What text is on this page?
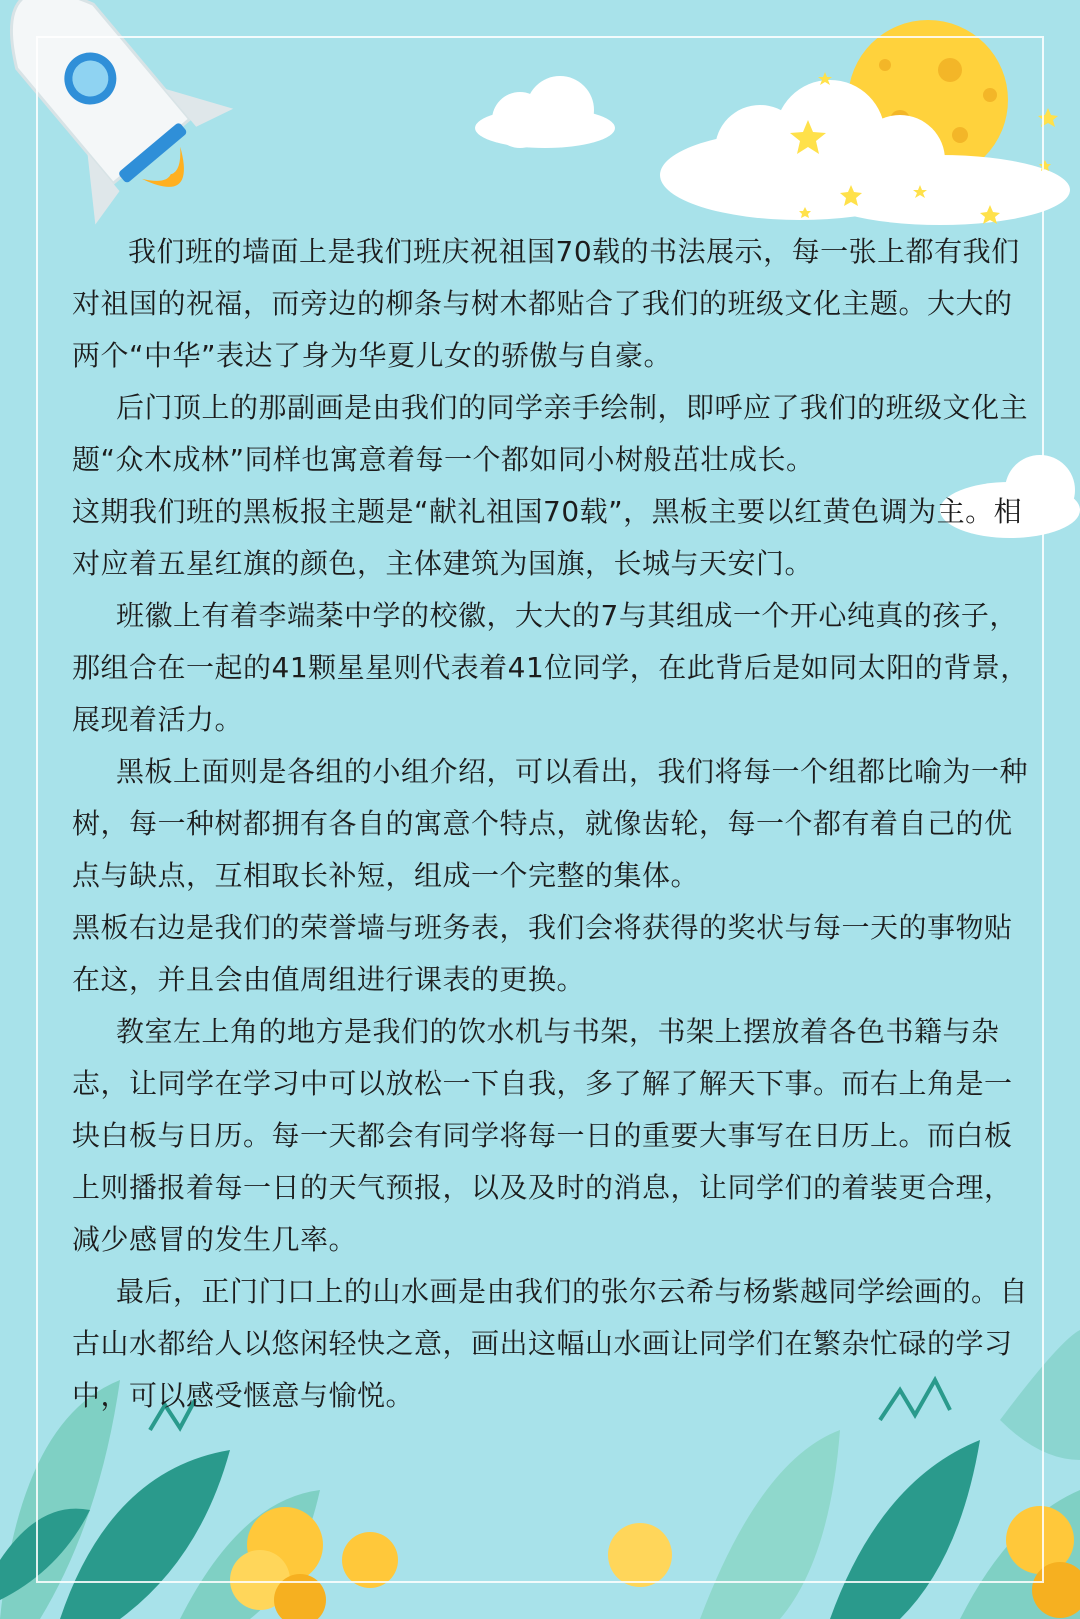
我们班的墙面上是我们班庆祝祖国70载的书法展示，每一张上都有我们对祖国的祝福，而旁边的柳条与树木都贴合了我们的班级文化主题。大大的两个“中华”表达了身为华夏儿女的骄傲与自豪。

后门顶上的那副画是由我们的同学亲手绘制，即呼应了我们的班级文化主题“众木成林”同样也寓意着每一个都如同小树般茁壮成长。

这期我们班的黑板报主题是“献礼祖国70载”，黑板主要以红黄色调为主。相对应着五星红旗的颜色，主体建筑为国旗，长城与天安门。

班徽上有着李端棻中学的校徽，大大的7与其组成一个开心纯真的孩子，那组合在一起的41颗星星则代表着41位同学，在此背后是如同太阳的背景，展现着活力。

黑板上面则是各组的小组介绍，可以看出，我们将每一个组都比喻为一种树，每一种树都拥有各自的寓意个特点，就像齿轮，每一个都有着自己的优点与缺点，互相取长补短，组成一个完整的集体。

黑板右边是我们的荣誉墙与班务表，我们会将获得的奖状与每一天的事物贴在这，并且会由值周组进行课表的更换。

教室左上角的地方是我们的饮水机与书架，书架上摆放着各色书籍与杂志，让同学在学习中可以放松一下自我，多了解了解天下事。而右上角是一块白板与日历。每一天都会有同学将每一日的重要大事写在日历上。而白板上则播报着每一日的天气预报，以及及时的消息，让同学们的着装更合理，减少感冒的发生几率。

最后，正门门口上的山水画是由我们的张尔云希与杨紫越同学绘画的。自古山水都给人以悠闲轻快之意，画出这幅山水画让同学们在繁杂忙碌的学习中，可以感受惬意与愉悦。
